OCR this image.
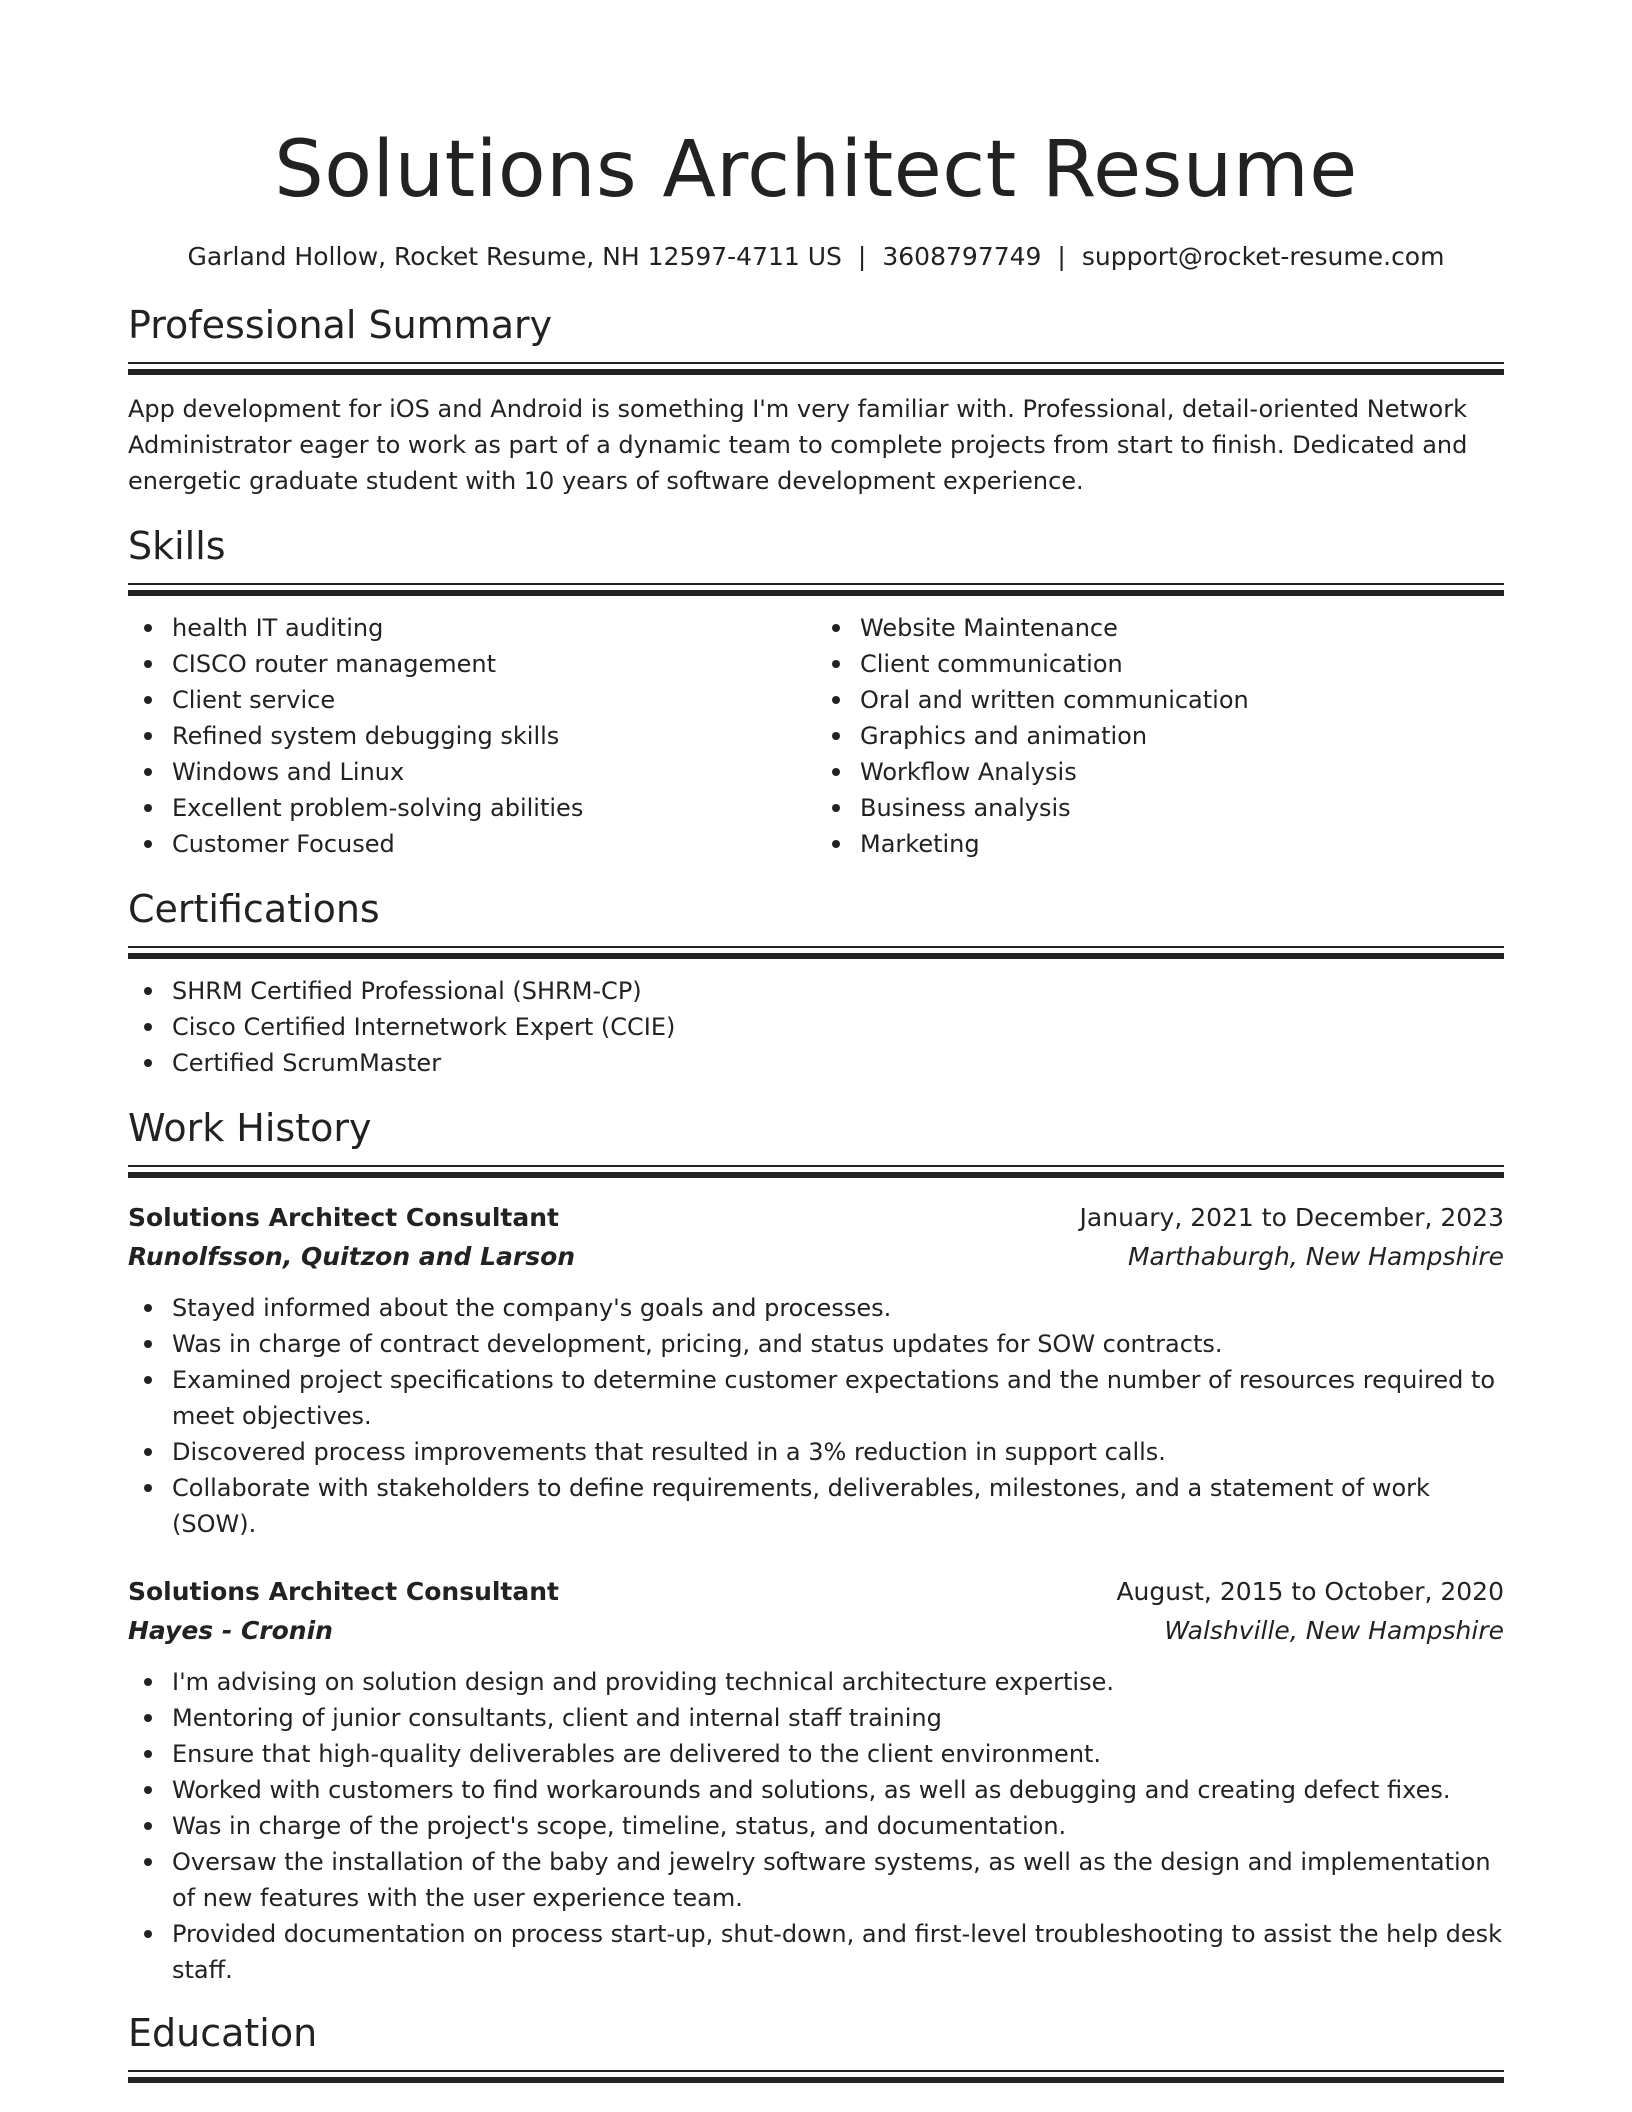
Solutions Architect Resume
Garland Hollow, Rocket Resume, NH 12597-4711 US | 3608797749 | support@rocket-resume.com
Professional Summary
App development for iOS and Android is something I'm very familiar with. Professional, detail-oriented Network Administrator eager to work as part of a dynamic team to complete projects from start to finish. Dedicated and energetic graduate student with 10 years of software development experience.
Skills
health IT auditing
CISCO router management
Client service
Refined system debugging skills
Windows and Linux
Excellent problem-solving abilities
Customer Focused
Website Maintenance
Client communication
Oral and written communication
Graphics and animation
Workflow Analysis
Business analysis
Marketing
Certifications
SHRM Certified Professional (SHRM-CP)
Cisco Certified Internetwork Expert (CCIE)
Certified ScrumMaster
Work History
Solutions Architect Consultant	January, 2021 to December, 2023
Runolfsson, Quitzon and Larson	Marthaburgh, New Hampshire
Stayed informed about the company's goals and processes.
Was in charge of contract development, pricing, and status updates for SOW contracts.
Examined project specifications to determine customer expectations and the number of resources required to meet objectives.
Discovered process improvements that resulted in a 3% reduction in support calls.
Collaborate with stakeholders to define requirements, deliverables, milestones, and a statement of work (SOW).
Solutions Architect Consultant	August, 2015 to October, 2020
Hayes - Cronin	Walshville, New Hampshire
I'm advising on solution design and providing technical architecture expertise.
Mentoring of junior consultants, client and internal staff training
Ensure that high-quality deliverables are delivered to the client environment.
Worked with customers to find workarounds and solutions, as well as debugging and creating defect fixes.
Was in charge of the project's scope, timeline, status, and documentation.
Oversaw the installation of the baby and jewelry software systems, as well as the design and implementation of new features with the user experience team.
Provided documentation on process start-up, shut-down, and first-level troubleshooting to assist the help desk staff.
Education
